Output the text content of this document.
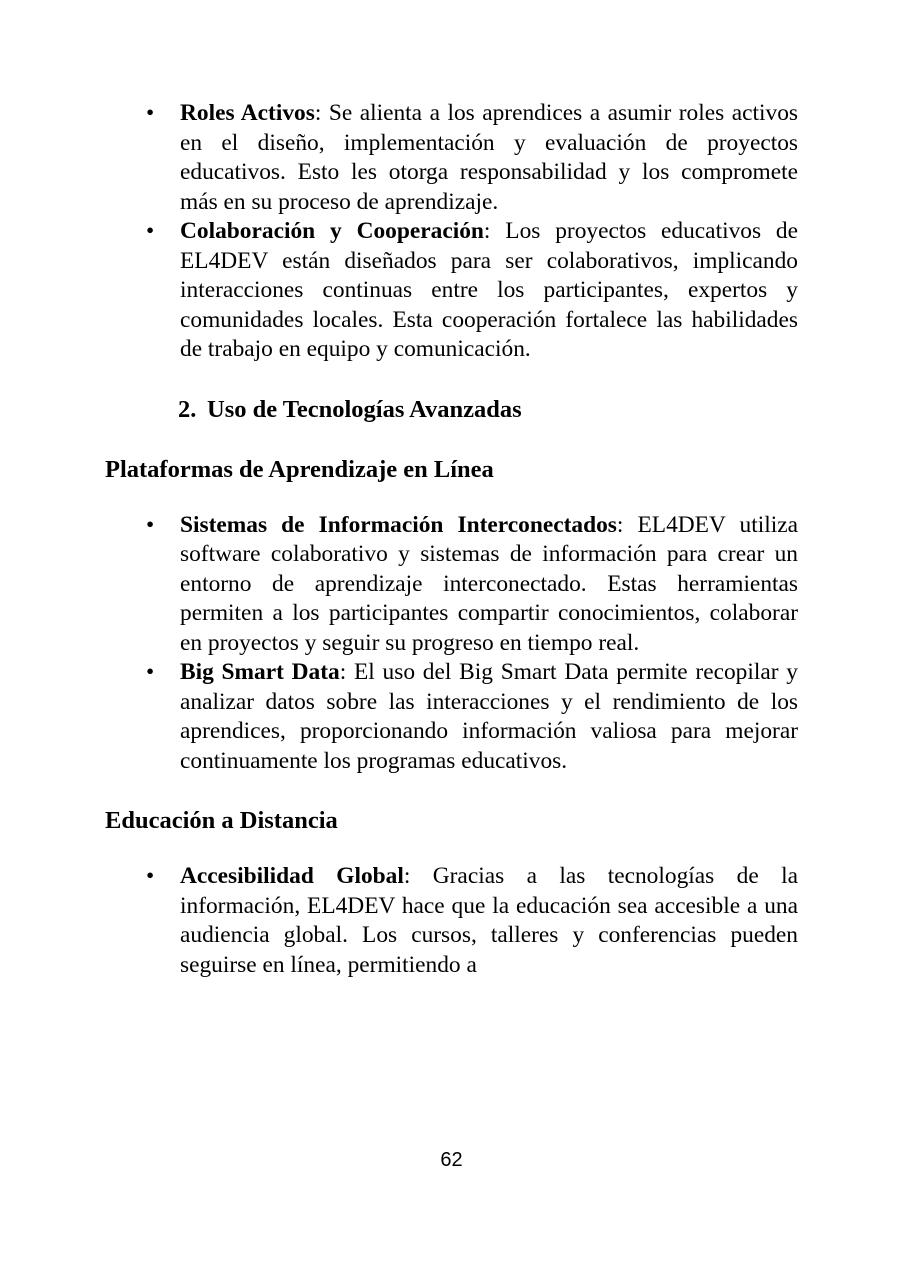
• Roles Activos: Se alienta a los aprendices a asumir roles activos en el diseño, implementación y evaluación de proyectos educativos. Esto les otorga responsabilidad y los compromete más en su proceso de aprendizaje.
• Colaboración y Cooperación: Los proyectos educativos de EL4DEV están diseñados para ser colaborativos, implicando interacciones continuas entre los participantes, expertos y comunidades locales. Esta cooperación fortalece las habilidades de trabajo en equipo y comunicación.
2. Uso de Tecnologías Avanzadas
Plataformas de Aprendizaje en Línea
• Sistemas de Información Interconectados: EL4DEV utiliza software colaborativo y sistemas de información para crear un entorno de aprendizaje interconectado. Estas herramientas permiten a los participantes compartir conocimientos, colaborar en proyectos y seguir su progreso en tiempo real.
• Big Smart Data: El uso del Big Smart Data permite recopilar y analizar datos sobre las interacciones y el rendimiento de los aprendices, proporcionando información valiosa para mejorar continuamente los programas educativos.
Educación a Distancia
• Accesibilidad Global: Gracias a las tecnologías de la información, EL4DEV hace que la educación sea accesible a una audiencia global. Los cursos, talleres y conferencias pueden seguirse en línea, permitiendo a
62
